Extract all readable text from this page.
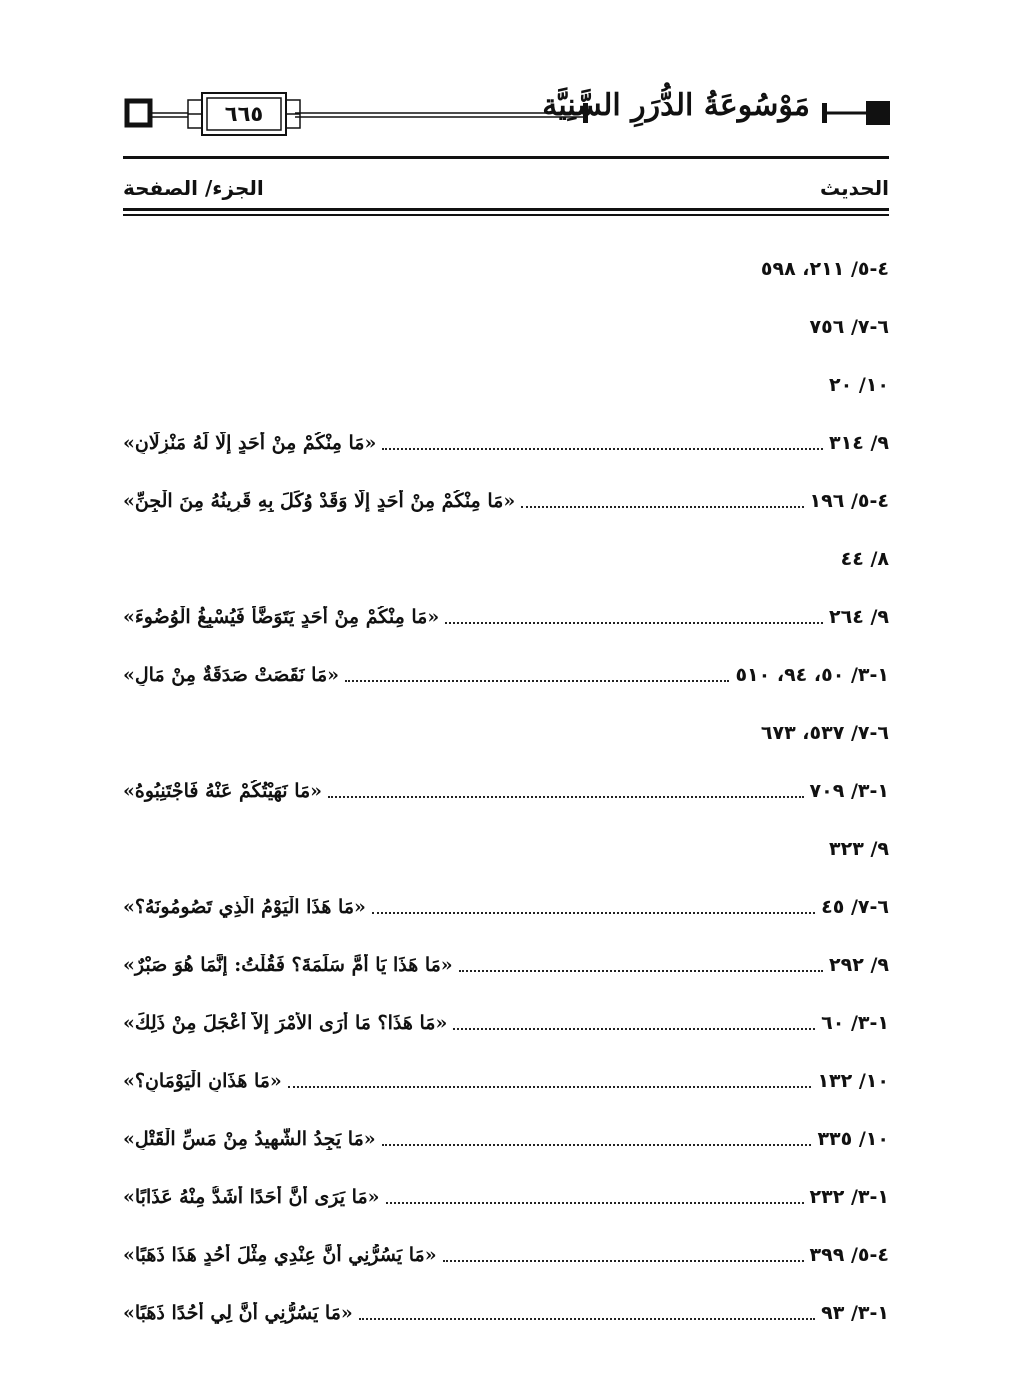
مَوْسُوعَةُ الدُّرَرِ السَّنِيَّة
٦٦٥
الحديث
الجزء/ الصفحة
٤-٥/ ٢١١، ٥٩٨
٦-٧/ ٧٥٦
١٠/ ٢٠
«مَا مِنْكُمْ مِنْ أَحَدٍ إِلَّا لَهُ مَنْزِلَانِ»	٩/ ٣١٤
«مَا مِنْكُمْ مِنْ أَحَدٍ إِلَّا وَقَدْ وُكِّلَ بِهِ قَرِينُهُ مِنَ الْجِنِّ»	٤-٥/ ١٩٦
٨/ ٤٤
«مَا مِنْكُمْ مِنْ أَحَدٍ يَتَوَضَّأُ فَيُسْبِغُ الْوُضُوءَ»	٩/ ٢٦٤
«مَا نَقَصَتْ صَدَقَةٌ مِنْ مَالٍ»	١-٣/ ٥٠، ٩٤، ٥١٠
٦-٧/ ٥٣٧، ٦٧٣
«مَا نَهَيْتُكُمْ عَنْهُ فَاجْتَنِبُوهُ»	١-٣/ ٧٠٩
٩/ ٣٢٣
«مَا هَذَا الْيَوْمُ الَّذِي تَصُومُونَهُ؟»	٦-٧/ ٤٥
«مَا هَذَا يَا أُمَّ سَلَمَةَ؟ فَقُلْتُ: إِنَّمَا هُوَ صَبْرٌ»	٩/ ٢٩٢
«مَا هَذَا؟ مَا أَرَى الأَمْرَ إِلاَّ أَعْجَلَ مِنْ ذَلِكَ»	١-٣/ ٦٠
«مَا هَذَانِ الْيَوْمَانِ؟»	١٠/ ١٣٢
«مَا يَجِدُ الشَّهِيدُ مِنْ مَسِّ الْقَتْلِ»	١٠/ ٣٣٥
«مَا يَرَى أَنَّ أَحَدًا أَشَدُّ مِنْهُ عَذَابًا»	١-٣/ ٢٣٢
«مَا يَسُرُّنِي أَنَّ عِنْدِي مِثْلَ أُحُدٍ هَذَا ذَهَبًا»	٤-٥/ ٣٩٩
«مَا يَسُرُّنِي أَنَّ لِي أُحُدًا ذَهَبًا»	١-٣/ ٩٣
